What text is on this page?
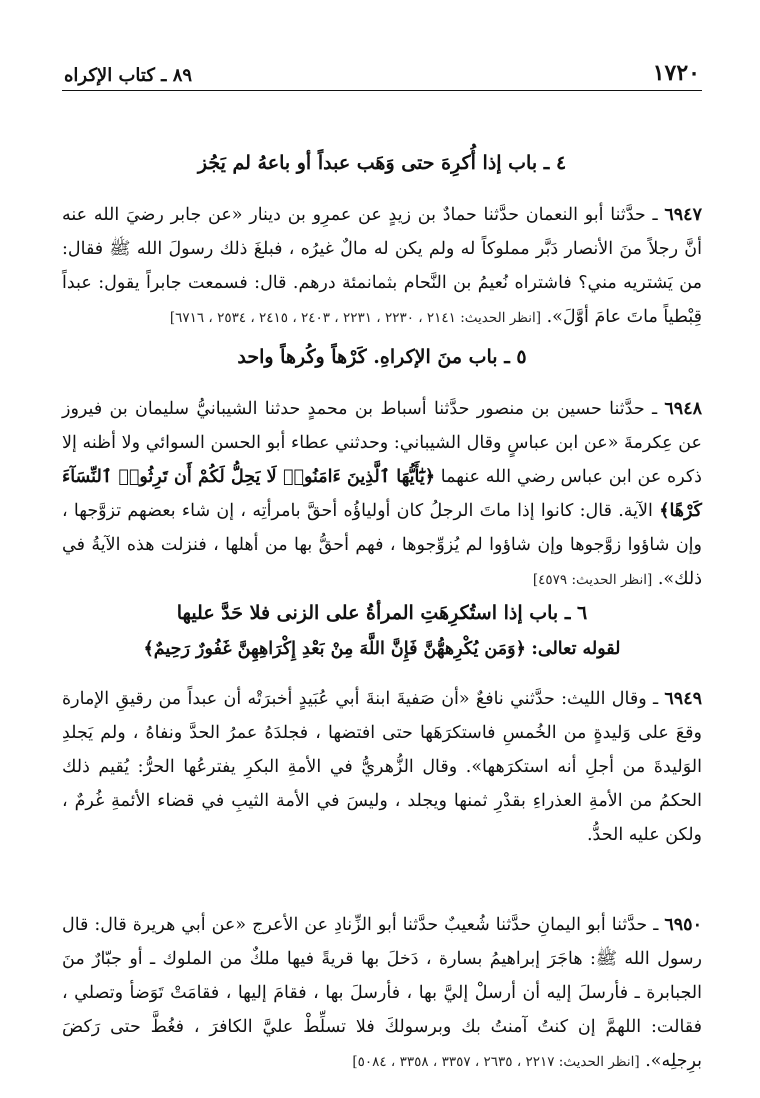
١٧٢٠
٨٩ ـ كتاب الإكراه
٤ ـ باب إذا أُكرِهَ حتى وَهَب عبداً أو باعهُ لم يَجُز

٦٩٤٧ ـ حدَّثنا أبو النعمان حدَّثنا حمادٌ بن زيدٍ عن عمرِو بن دينار «عن جابر رضيَ الله عنه أنَّ رجلاً منَ الأنصار دَبَّر مملوكاً له ولم يكن له مالٌ غيرُه ، فبلغَ ذلك رسولَ الله ﷺ فقال: من يَشتريه مني؟ فاشتراه نُعيمُ بن النَّحام بثمانمئة درهم. قال: فسمعت جابراً يقول: عبداً قِبْطياً ماتَ عامَ أوَّلَ». [انظر الحديث: ٢١٤١ ، ٢٢٣٠ ، ٢٢٣١ ، ٢٤٠٣ ، ٢٤١٥ ، ٢٥٣٤ ، ٦٧١٦]

٥ ـ باب منَ الإكراهِ. كَرْهاً وكُرهاً واحد

٦٩٤٨ ـ حدَّثنا حسين بن منصور حدَّثنا أسباط بن محمدٍ حدثنا الشيبانيُّ سليمان بن فيروز عن عِكرمةَ «عن ابن عباسٍ وقال الشيباني: وحدثني عطاء أبو الحسن السوائي ولا أظنه إلا ذكره عن ابن عباس رضي الله عنهما ﴿يَٰٓأَيُّهَا ٱلَّذِينَ ءَامَنُوا۟ لَا يَحِلُّ لَكُمْ أَن تَرِثُوا۟ ٱلنِّسَآءَ كَرْهًا﴾ الآية. قال: كانوا إذا ماتَ الرجلُ كان أولياؤُه أحقَّ بامرأتِه ، إن شاء بعضهم تزوَّجها ، وإن شاؤوا زوَّجوها وإن شاؤوا لم يُزوِّجوها ، فهم أحقُّ بها من أهلها ، فنزلت هذه الآيةُ في ذلك». [انظر الحديث: ٤٥٧٩]

٦ ـ باب إذا استُكرِهَتِ المرأةُ على الزنى فلا حَدَّ عليها

لقوله تعالى: ﴿وَمَن يُكْرِههُّنَّ فَإِنَّ اللَّهَ مِنْ بَعْدِ إِكْرَاهِهِنَّ غَفُورٌ رَحِيمٌ﴾

٦٩٤٩ ـ وقال الليث: حدَّثني نافعٌ «أن صَفيةَ ابنةَ أبي عُبَيدٍ أخبرَتْه أن عبداً من رقيقِ الإمارة وقعَ على وَليدةٍ من الخُمسِ فاستكرَهَها حتى افتضها ، فجلدَهُ عمرُ الحدَّ ونفاهُ ، ولم يَجلدِ الوَليدةَ من أجلِ أنه استكرَهها». وقال الزُّهريُّ في الأمةِ البكرِ يفترعُها الحرُّ: يُقيم ذلك الحكمُ من الأمةِ العذراءِ بقدْرِ ثمنها ويجلد ، وليسَ في الأمة الثيبِ في قضاء الأئمةِ غُرمٌ ، ولكن عليه الحدُّ.

٦٩٥٠ ـ حدَّثنا أبو اليمانِ حدَّثنا شُعيبٌ حدَّثنا أبو الزِّنادِ عن الأعرج «عن أبي هريرة قال: قال رسول الله ﷺ: هاجَرَ إبراهيمُ بسارة ، دَخلَ بها قريةً فيها ملكٌ من الملوك ـ أو جبّارٌ منَ الجبابرة ـ فأرسلَ إليه أن أرسلْ إليَّ بها ، فأرسلَ بها ، فقامَ إليها ، فقامَتْ تَوَضأ وتصلي ، فقالت: اللهمَّ إن كنتُ آمنتُ بك وبرسولكَ فلا تسلِّطْ عليَّ الكافرَ ، فغُطَّ حتى رَكضَ برِجلِه». [انظر الحديث: ٢٢١٧ ، ٢٦٣٥ ، ٣٣٥٧ ، ٣٣٥٨ ، ٥٠٨٤]
